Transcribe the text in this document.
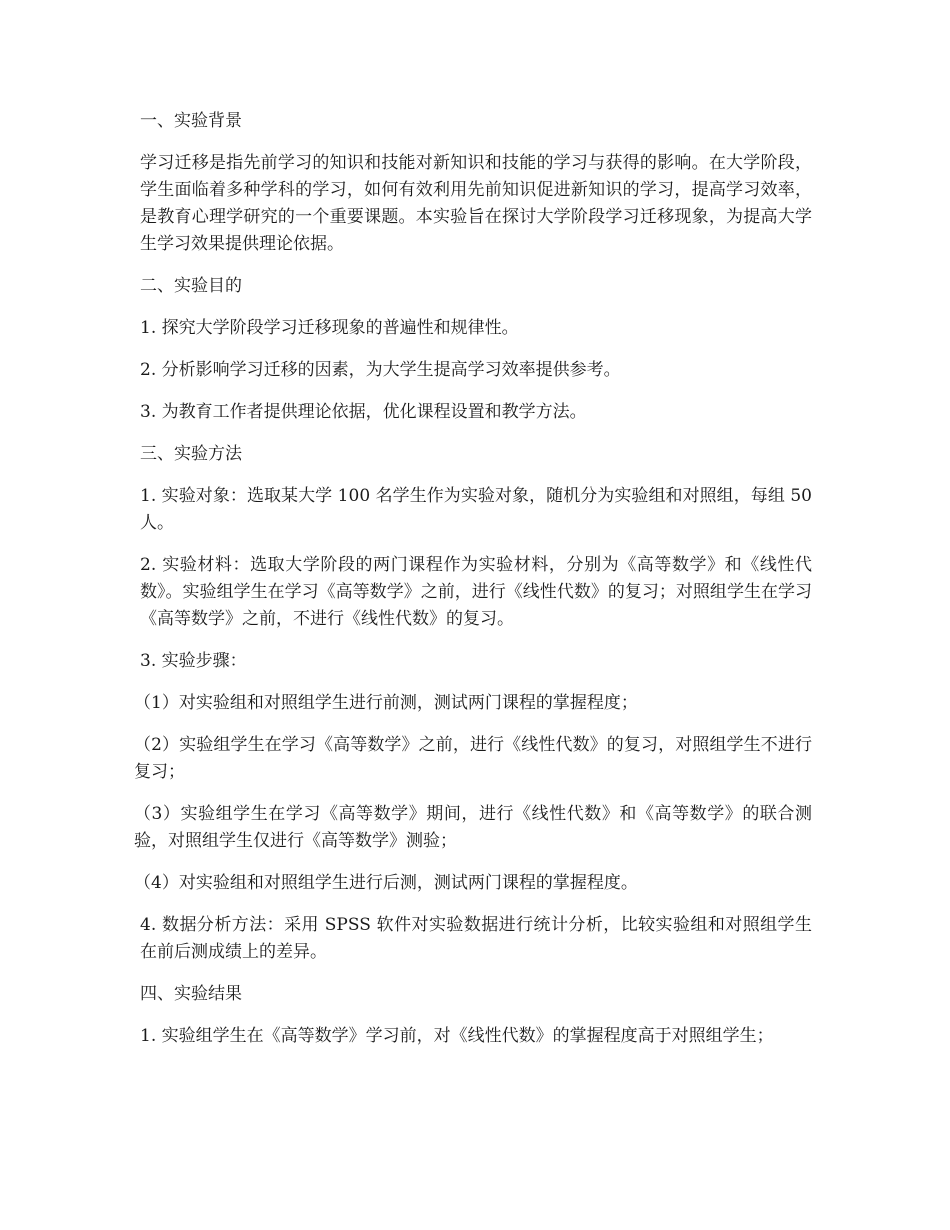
一、实验背景

学习迁移是指先前学习的知识和技能对新知识和技能的学习与获得的影响。在大学阶段，学生面临着多种学科的学习，如何有效利用先前知识促进新知识的学习，提高学习效率，是教育心理学研究的一个重要课题。本实验旨在探讨大学阶段学习迁移现象，为提高大学生学习效果提供理论依据。

二、实验目的

1. 探究大学阶段学习迁移现象的普遍性和规律性。

2. 分析影响学习迁移的因素，为大学生提高学习效率提供参考。

3. 为教育工作者提供理论依据，优化课程设置和教学方法。

三、实验方法

1. 实验对象：选取某大学 100 名学生作为实验对象，随机分为实验组和对照组，每组 50 人。

2. 实验材料：选取大学阶段的两门课程作为实验材料，分别为《高等数学》和《线性代数》。实验组学生在学习《高等数学》之前，进行《线性代数》的复习；对照组学生在学习《高等数学》之前，不进行《线性代数》的复习。

3. 实验步骤：

（1）对实验组和对照组学生进行前测，测试两门课程的掌握程度；

（2）实验组学生在学习《高等数学》之前，进行《线性代数》的复习，对照组学生不进行复习；

（3）实验组学生在学习《高等数学》期间，进行《线性代数》和《高等数学》的联合测验，对照组学生仅进行《高等数学》测验；

（4）对实验组和对照组学生进行后测，测试两门课程的掌握程度。

4. 数据分析方法：采用 SPSS 软件对实验数据进行统计分析，比较实验组和对照组学生在前后测成绩上的差异。

四、实验结果

1. 实验组学生在《高等数学》学习前，对《线性代数》的掌握程度高于对照组学生；
